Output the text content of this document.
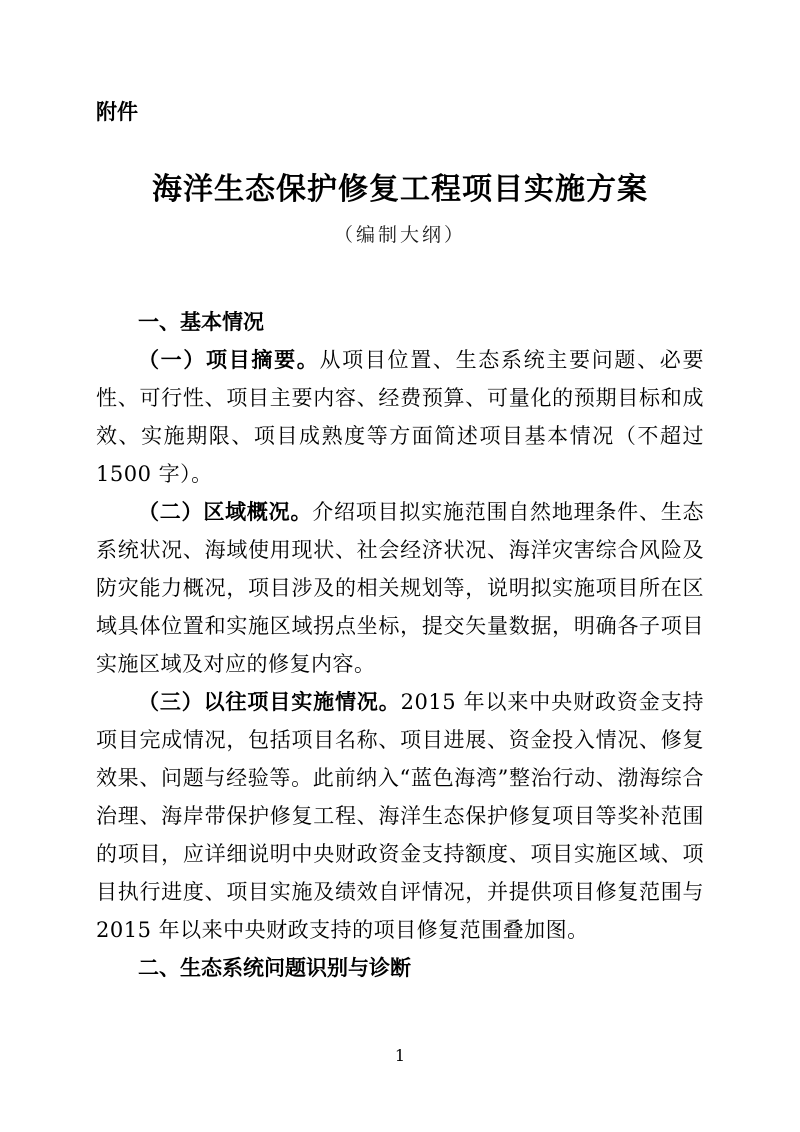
附件
海洋生态保护修复工程项目实施方案
（编制大纲）
一、基本情况

（一）项目摘要。从项目位置、生态系统主要问题、必要性、可行性、项目主要内容、经费预算、可量化的预期目标和成效、实施期限、项目成熟度等方面简述项目基本情况（不超过 1500 字）。

（二）区域概况。介绍项目拟实施范围自然地理条件、生态系统状况、海域使用现状、社会经济状况、海洋灾害综合风险及防灾能力概况，项目涉及的相关规划等，说明拟实施项目所在区域具体位置和实施区域拐点坐标，提交矢量数据，明确各子项目实施区域及对应的修复内容。

（三）以往项目实施情况。2015 年以来中央财政资金支持项目完成情况，包括项目名称、项目进展、资金投入情况、修复效果、问题与经验等。此前纳入“蓝色海湾”整治行动、渤海综合治理、海岸带保护修复工程、海洋生态保护修复项目等奖补范围的项目，应详细说明中央财政资金支持额度、项目实施区域、项目执行进度、项目实施及绩效自评情况，并提供项目修复范围与 2015 年以来中央财政支持的项目修复范围叠加图。

二、生态系统问题识别与诊断
1
